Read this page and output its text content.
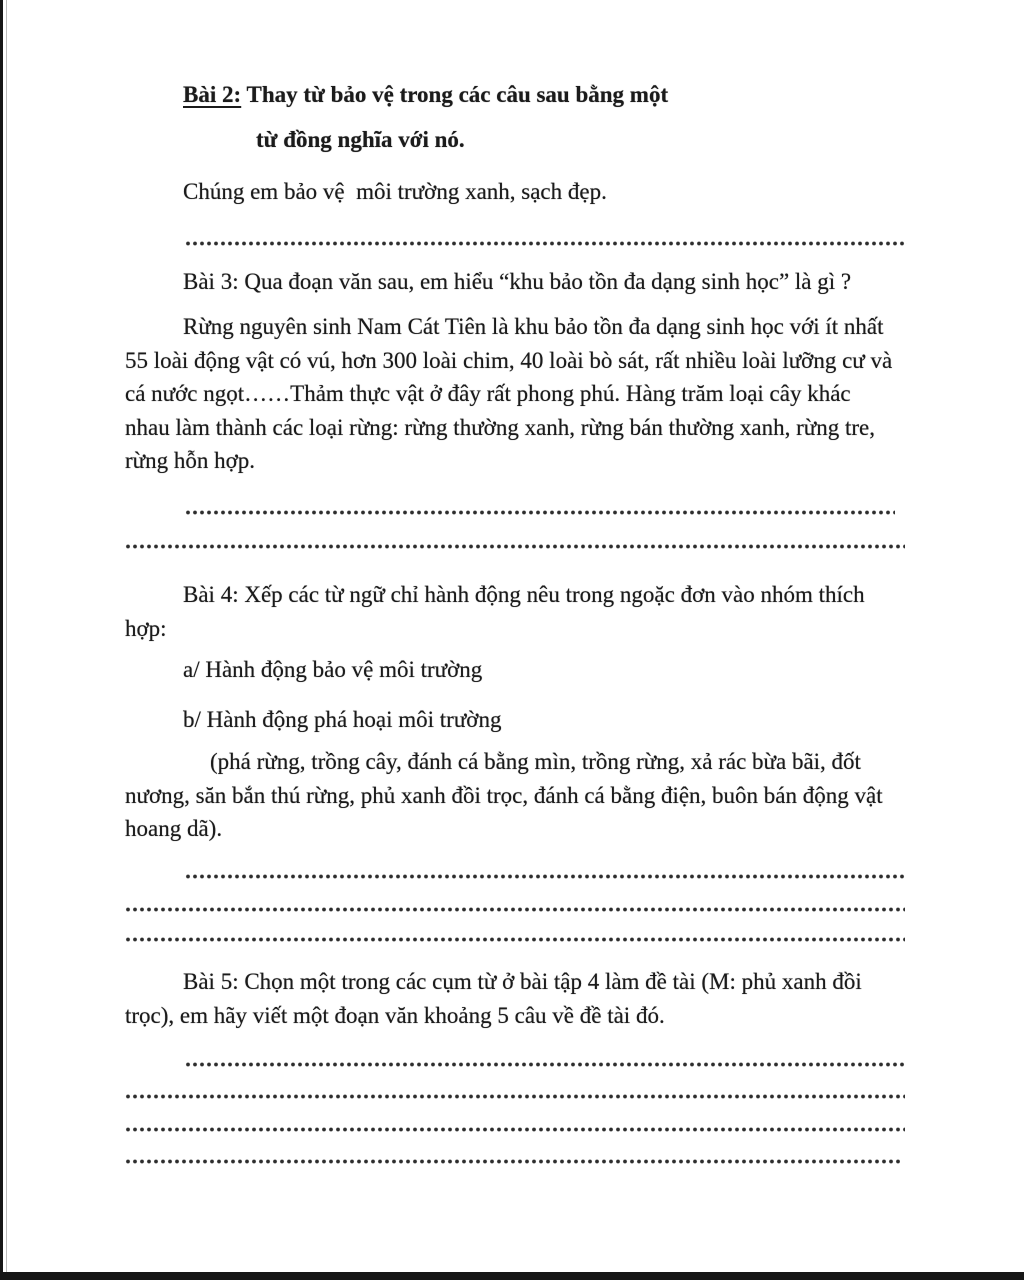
Bài 2: Thay từ bảo vệ trong các câu sau bằng một
từ đồng nghĩa với nó.
Chúng em bảo vệ  môi trường xanh, sạch đẹp.
Bài 3: Qua đoạn văn sau, em hiểu “khu bảo tồn đa dạng sinh học” là gì ?
Rừng nguyên sinh Nam Cát Tiên là khu bảo tồn đa dạng sinh học với ít nhất
55 loài động vật có vú, hơn 300 loài chim, 40 loài bò sát, rất nhiều loài lưỡng cư và
cá nước ngọt……Thảm thực vật ở đây rất phong phú. Hàng trăm loại cây khác
nhau làm thành các loại rừng: rừng thường xanh, rừng bán thường xanh, rừng tre,
rừng hỗn hợp.
Bài 4: Xếp các từ ngữ chỉ hành động nêu trong ngoặc đơn vào nhóm thích
hợp:
a/ Hành động bảo vệ môi trường
b/ Hành động phá hoại môi trường
(phá rừng, trồng cây, đánh cá bằng mìn, trồng rừng, xả rác bừa bãi, đốt
nương, săn bắn thú rừng, phủ xanh đồi trọc, đánh cá bằng điện, buôn bán động vật
hoang dã).
Bài 5: Chọn một trong các cụm từ ở bài tập 4 làm đề tài (M: phủ xanh đồi
trọc), em hãy viết một đoạn văn khoảng 5 câu về đề tài đó.
